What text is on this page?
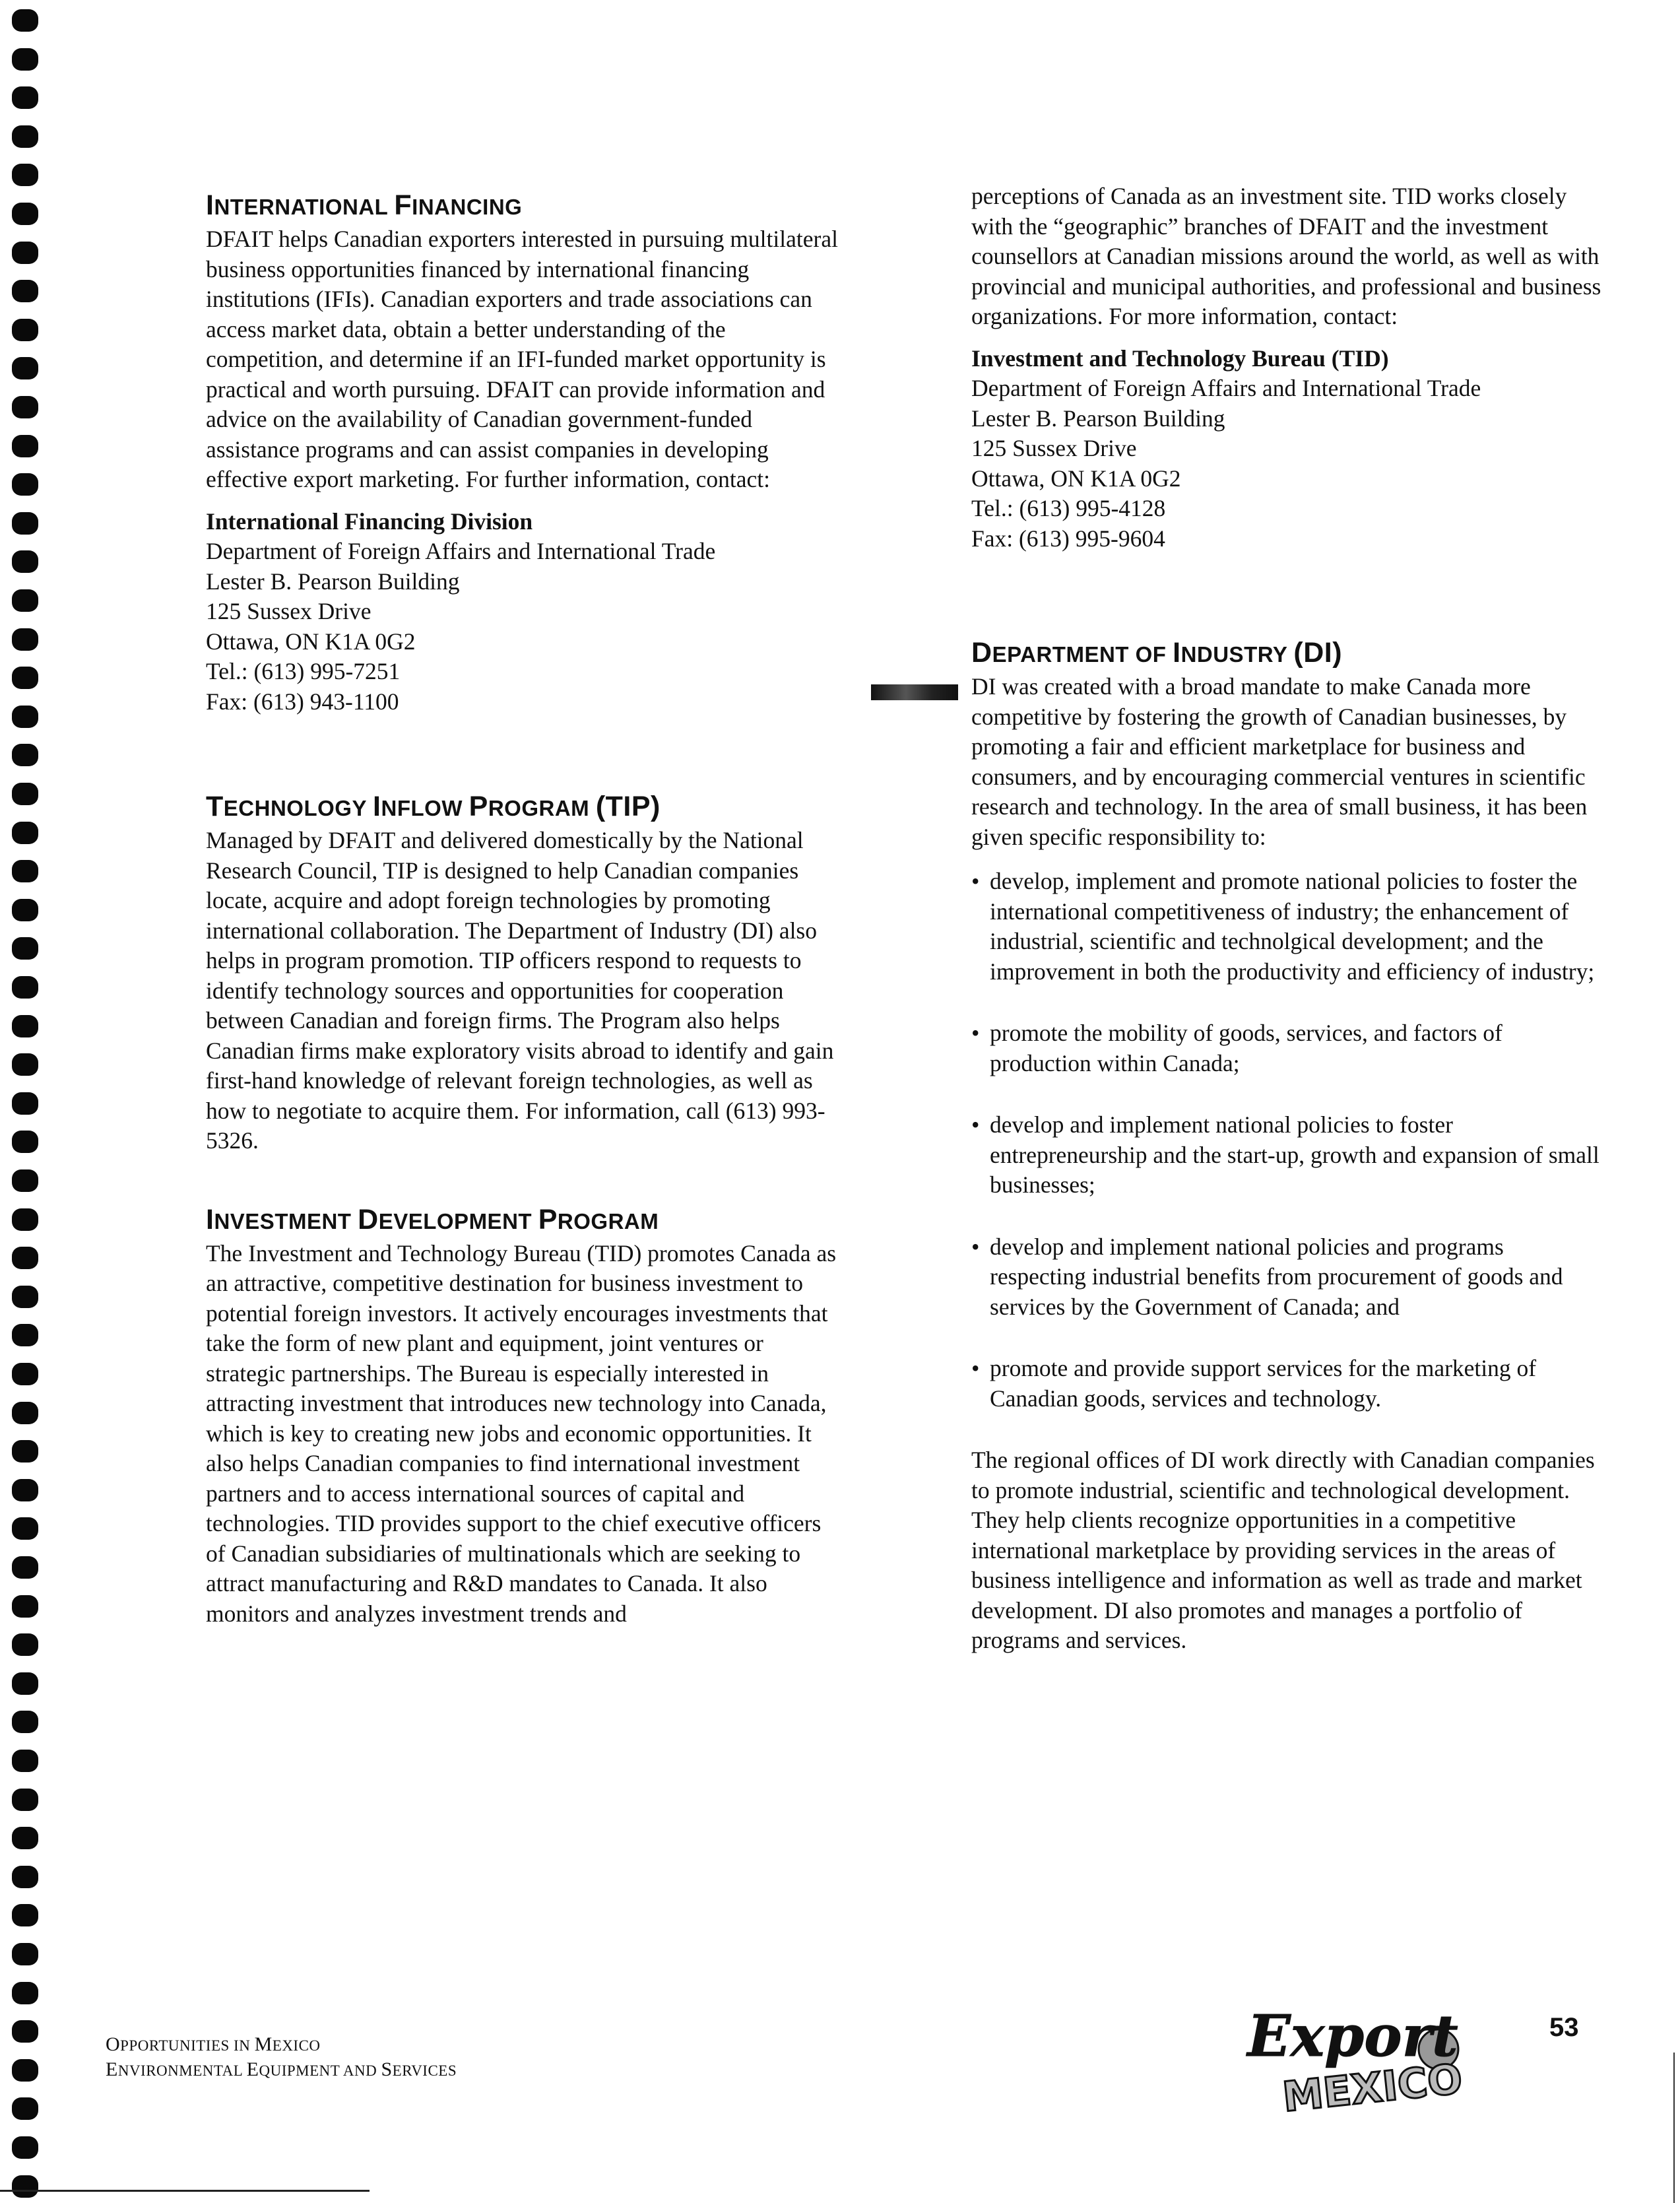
INTERNATIONAL FINANCING

DFAIT helps Canadian exporters interested in pursuing multilateral business opportunities financed by international financing institutions (IFIs). Canadian exporters and trade associations can access market data, obtain a better understanding of the competition, and determine if an IFI-funded market opportunity is practical and worth pursuing. DFAIT can provide information and advice on the availability of Canadian government-funded assistance programs and can assist companies in developing effective export marketing. For further information, contact:

International Financing Division
Department of Foreign Affairs and International Trade
Lester B. Pearson Building
125 Sussex Drive
Ottawa, ON K1A 0G2
Tel.: (613) 995-7251
Fax: (613) 943-1100
TECHNOLOGY INFLOW PROGRAM (TIP)

Managed by DFAIT and delivered domestically by the National Research Council, TIP is designed to help Canadian companies locate, acquire and adopt foreign technologies by promoting international collaboration. The Department of Industry (DI) also helps in program promotion. TIP officers respond to requests to identify technology sources and opportunities for cooperation between Canadian and foreign firms. The Program also helps Canadian firms make exploratory visits abroad to identify and gain first-hand knowledge of relevant foreign technologies, as well as how to negotiate to acquire them. For information, call (613) 993-5326.

INVESTMENT DEVELOPMENT PROGRAM

The Investment and Technology Bureau (TID) promotes Canada as an attractive, competitive destination for business investment to potential foreign investors. It actively encourages investments that take the form of new plant and equipment, joint ventures or strategic partnerships. The Bureau is especially interested in attracting investment that introduces new technology into Canada, which is key to creating new jobs and economic opportunities. It also helps Canadian companies to find international investment partners and to access international sources of capital and technologies. TID provides support to the chief executive officers of Canadian subsidiaries of multinationals which are seeking to attract manufacturing and R&D mandates to Canada. It also monitors and analyzes investment trends and

perceptions of Canada as an investment site. TID works closely with the “geographic” branches of DFAIT and the investment counsellors at Canadian missions around the world, as well as with provincial and municipal authorities, and professional and business organizations. For more information, contact:

Investment and Technology Bureau (TID)
Department of Foreign Affairs and International Trade
Lester B. Pearson Building
125 Sussex Drive
Ottawa, ON K1A 0G2
Tel.: (613) 995-4128
Fax: (613) 995-9604
DEPARTMENT OF INDUSTRY (DI)

DI was created with a broad mandate to make Canada more competitive by fostering the growth of Canadian businesses, by promoting a fair and efficient marketplace for business and consumers, and by encouraging commercial ventures in scientific research and technology. In the area of small business, it has been given specific responsibility to:

• develop, implement and promote national policies to foster the international competitiveness of industry; the enhancement of industrial, scientific and technolgical development; and the improvement in both the productivity and efficiency of industry;
• promote the mobility of goods, services, and factors of production within Canada;
• develop and implement national policies to foster entrepreneurship and the start-up, growth and expansion of small businesses;
• develop and implement national policies and programs respecting industrial benefits from procurement of goods and services by the Government of Canada; and
• promote and provide support services for the marketing of Canadian goods, services and technology.

The regional offices of DI work directly with Canadian companies to promote industrial, scientific and technological development. They help clients recognize opportunities in a competitive international marketplace by providing services in the areas of business intelligence and information as well as trade and market development. DI also promotes and manages a portfolio of programs and services.

OPPORTUNITIES IN MEXICO
ENVIRONMENTAL EQUIPMENT AND SERVICES
Export
MEXICO
53
